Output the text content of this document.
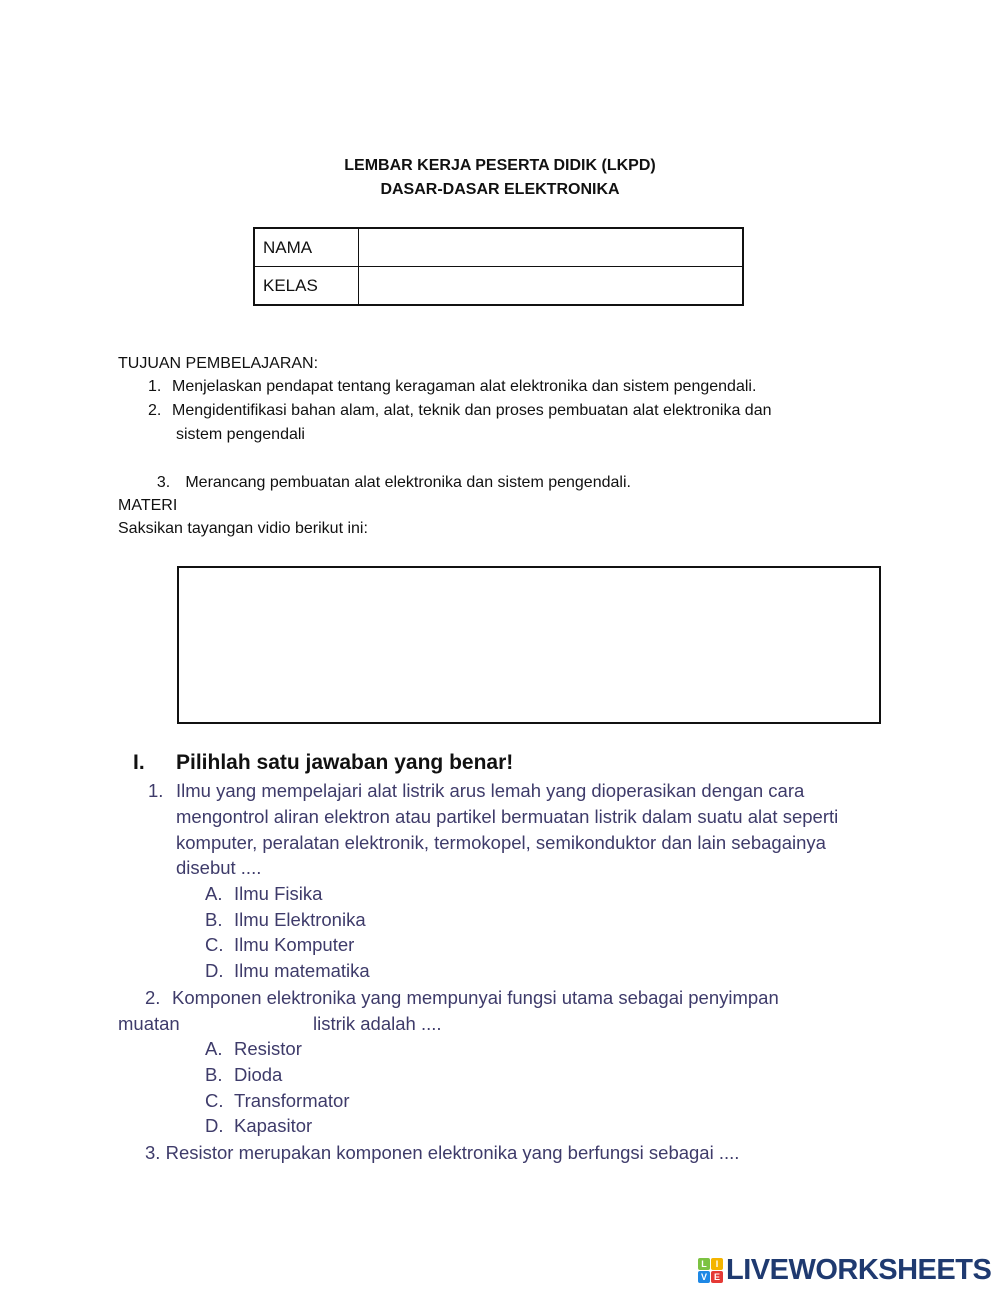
LEMBAR KERJA PESERTA DIDIK (LKPD)
DASAR-DASAR ELEKTRONIKA
NAMA	
KELAS	
TUJUAN PEMBELAJARAN:
1. Menjelaskan pendapat tentang keragaman alat elektronika dan sistem pengendali.
2. Mengidentifikasi bahan alam, alat, teknik dan proses pembuatan alat elektronika dan
sistem pengendali

3. Merancang pembuatan alat elektronika dan sistem pengendali.

MATERI
Saksikan tayangan vidio berikut ini:
I. Pilihlah satu jawaban yang benar!
1. Ilmu yang mempelajari alat listrik arus lemah yang dioperasikan dengan cara
mengontrol aliran elektron atau partikel bermuatan listrik dalam suatu alat seperti
komputer, peralatan elektronik, termokopel, semikonduktor dan lain sebagainya
disebut ....
A. Ilmu Fisika
B. Ilmu Elektronika
C. Ilmu Komputer
D. Ilmu matematika
2. Komponen elektronika yang mempunyai fungsi utama sebagai penyimpan
muatan	listrik adalah ....
A. Resistor
B. Dioda
C. Transformator
D. Kapasitor
3. Resistor merupakan komponen elektronika yang berfungsi sebagai ....
L I
V E LIVEWORKSHEETS
